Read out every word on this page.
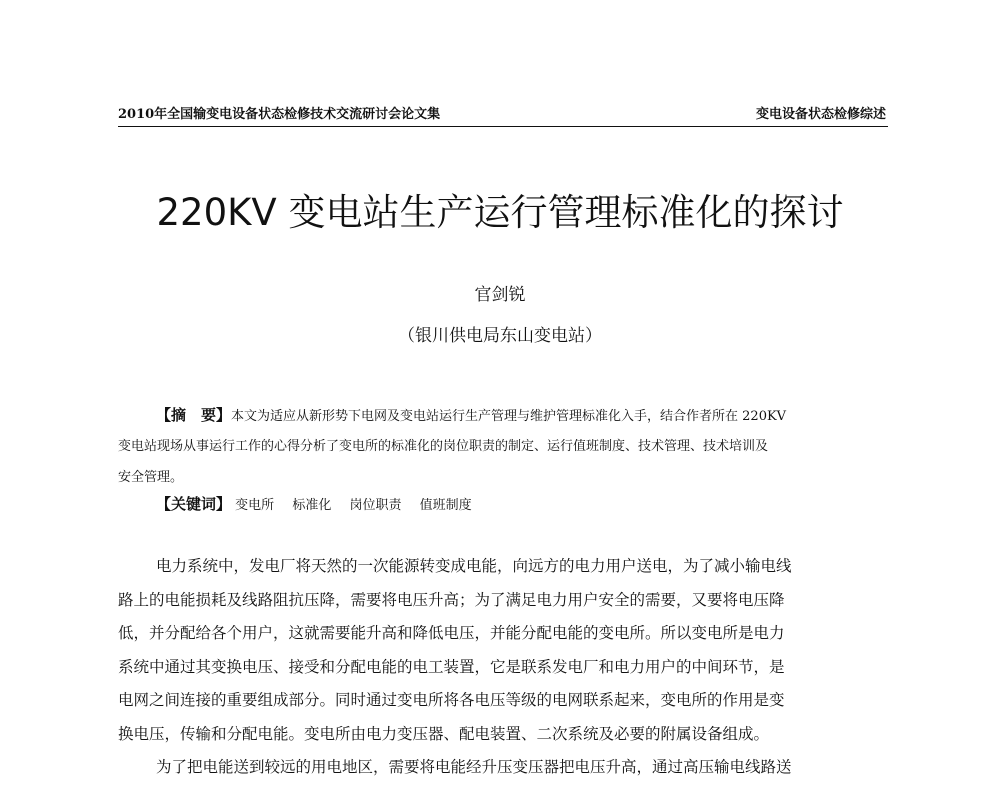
2010年全国输变电设备状态检修技术交流研讨会论文集	变电设备状态检修综述
220KV 变电站生产运行管理标准化的探讨
官剑锐
（银川供电局东山变电站）
【摘　要】本文为适应从新形势下电网及变电站运行生产管理与维护管理标准化入手，结合作者所在 220KV
变电站现场从事运行工作的心得分析了变电所的标准化的岗位职责的制定、运行值班制度、技术管理、技术培训及
安全管理。
【关键词】 变电所 标准化 岗位职责 值班制度
电力系统中，发电厂将天然的一次能源转变成电能，向远方的电力用户送电，为了减小输电线
路上的电能损耗及线路阻抗压降，需要将电压升高；为了满足电力用户安全的需要，又要将电压降
低，并分配给各个用户，这就需要能升高和降低电压，并能分配电能的变电所。所以变电所是电力
系统中通过其变换电压、接受和分配电能的电工装置，它是联系发电厂和电力用户的中间环节，是
电网之间连接的重要组成部分。同时通过变电所将各电压等级的电网联系起来，变电所的作用是变
换电压，传输和分配电能。变电所由电力变压器、配电装置、二次系统及必要的附属设备组成。
为了把电能送到较远的用电地区，需要将电能经升压变压器把电压升高，通过高压输电线路送
